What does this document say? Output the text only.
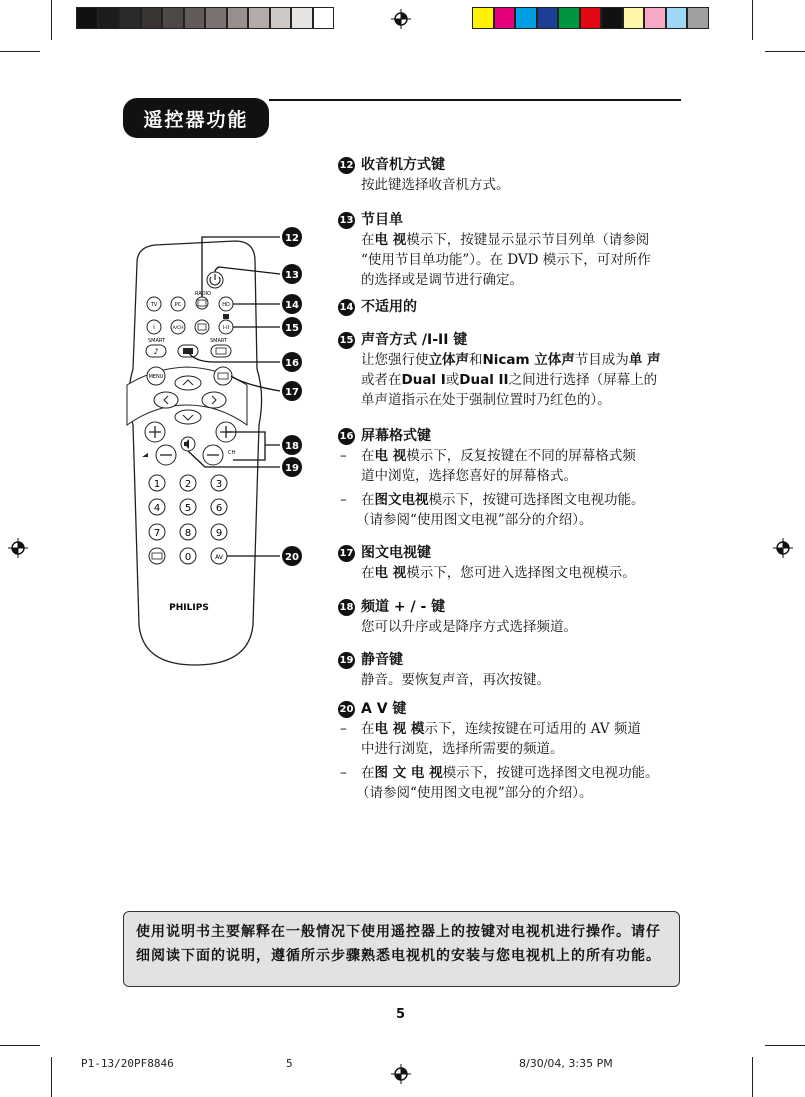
遥控器功能
RADIO
TV	PC	HD
i	A/CH	I-II
SMART	SMART
♪
MENU
CH
1 2 3
4 5 6
7 8 9
0	AV
PHILIPS
12
13
14
15
16
17
18
19
20
12 收音机方式键
按此键选择收音机方式。
13 节目单
在电 视模示下，按键显示显示节目列单（请参阅
“使用节目单功能”）。在 DVD 模示下，可对所作
的选择或是调节进行确定。
14 不适用的
15 声音方式 /I-II 键
让您强行使立体声和Nicam 立体声节目成为单 声
或者在Dual I或Dual II之间进行选择（屏幕上的
单声道指示在处于强制位置时乃红色的）。
16 屏幕格式键
– 在电 视模示下，反复按键在不同的屏幕格式频
道中浏览，选择您喜好的屏幕格式。
– 在图文电视模示下，按键可选择图文电视功能。
（请参阅“使用图文电视”部分的介绍）。
17 图文电视键
在电 视模示下，您可进入选择图文电视模示。
18 频道 + / - 键
您可以升序或是降序方式选择频道。
19 静音键
静音。要恢复声音，再次按键。
20 A V 键
– 在电 视 模示下，连续按键在可适用的 AV 频道
中进行浏览，选择所需要的频道。
– 在图 文 电 视模示下，按键可选择图文电视功能。
（请参阅“使用图文电视”部分的介绍）。
使用说明书主要解释在一般情况下使用遥控器上的按键对电视机进行操作。请仔细阅读下面的说明，遵循所示步骤熟悉电视机的安装与您电视机上的所有功能。
5
P1-13/20PF8846	5	8/30/04, 3:35 PM
